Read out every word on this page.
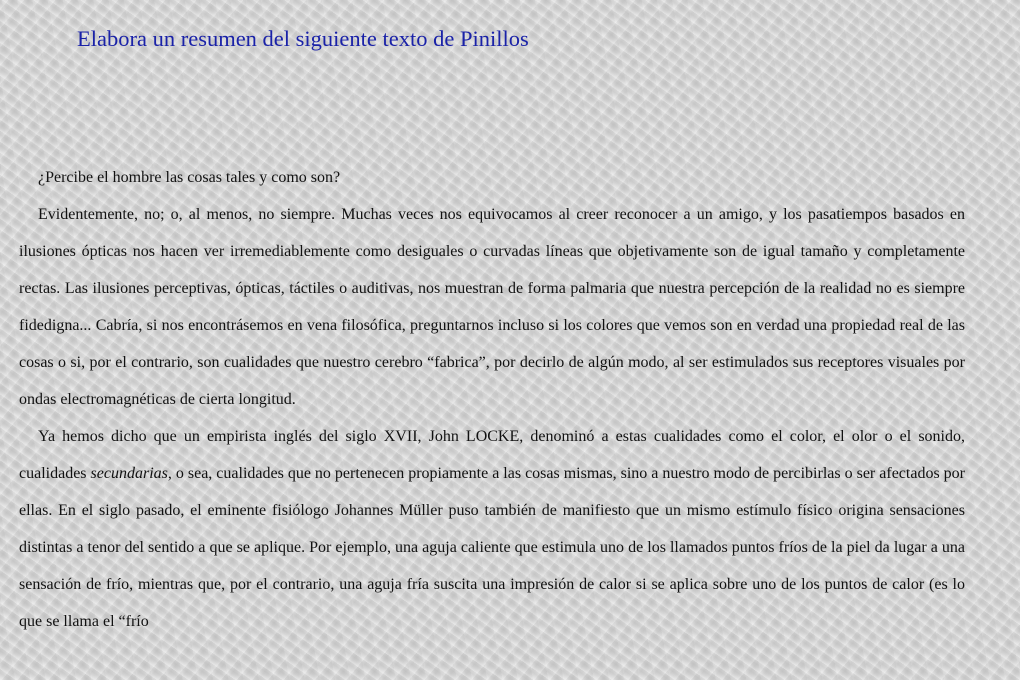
Elabora un resumen del siguiente texto de Pinillos

¿Percibe el hombre las cosas tales y como son?

Evidentemente, no; o, al menos, no siempre. Muchas veces nos equivocamos al creer reconocer a un amigo, y los pasatiempos basados en ilusiones ópticas nos hacen ver irremediablemente como desiguales o curvadas líneas que objetivamente son de igual tamaño y completamente rectas. Las ilusiones perceptivas, ópticas, táctiles o auditivas, nos muestran de forma palmaria que nuestra percepción de la realidad no es siempre fidedigna... Cabría, si nos encontrásemos en vena filosófica, preguntarnos incluso si los colores que vemos son en verdad una propiedad real de las cosas o si, por el contrario, son cualidades que nuestro cerebro “fabrica”, por decirlo de algún modo, al ser estimulados sus receptores visuales por ondas electromagnéticas de cierta longitud.

Ya hemos dicho que un empirista inglés del siglo XVII, John LOCKE, denominó a estas cualidades como el color, el olor o el sonido, cualidades secundarias, o sea, cualidades que no pertenecen propiamente a las cosas mismas, sino a nuestro modo de percibirlas o ser afectados por ellas. En el siglo pasado, el eminente fisiólogo Johannes Müller puso también de manifiesto que un mismo estímulo físico origina sensaciones distintas a tenor del sentido a que se aplique. Por ejemplo, una aguja caliente que estimula uno de los llamados puntos fríos de la piel da lugar a una sensación de frío, mientras que, por el contrario, una aguja fría suscita una impresión de calor si se aplica sobre uno de los puntos de calor (es lo que se llama el “frío
